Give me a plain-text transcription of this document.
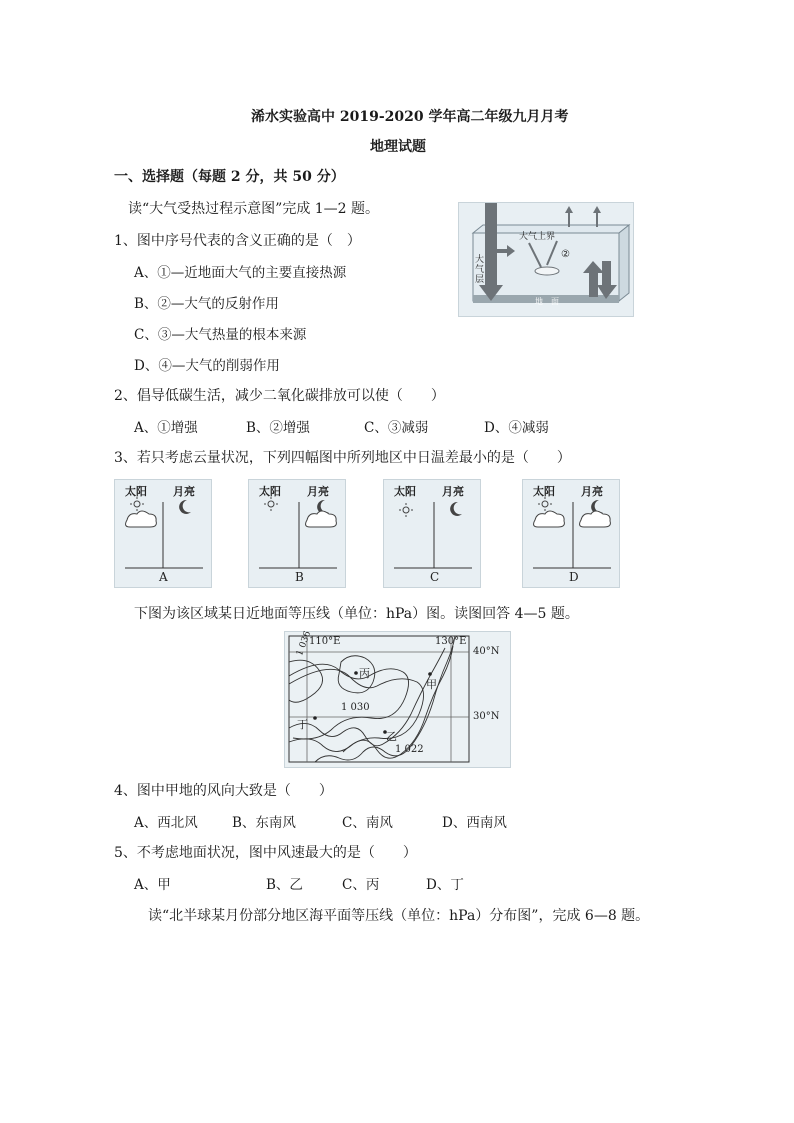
浠水实验高中 2019-2020 学年高二年级九月月考
地理试题
一、选择题（每题 2 分，共 50 分）
读“大气受热过程示意图”完成 1—2 题。
1、图中序号代表的含义正确的是（　）
A、①—近地面大气的主要直接热源
B、②—大气的反射作用
C、③—大气热量的根本来源
D、④—大气的削弱作用
大气上界
大气层
地　面
②
2、倡导低碳生活，减少二氧化碳排放可以使（　　）
A、①增强	B、②增强	C、③减弱	D、④减弱
3、若只考虑云量状况，下列四幅图中所列地区中日温差最小的是（　　）
太阳 月亮
A
太阳 月亮
B
太阳 月亮
C
太阳 月亮
D
下图为该区域某日近地面等压线（单位：hPa）图。读图回答 4—5 题。
110°E	130°E
40°N
30°N
1 036
1 030
1 022
丙
甲
丁
乙
4、图中甲地的风向大致是（　　）
A、西北风	B、东南风	C、南风	D、西南风
5、不考虑地面状况，图中风速最大的是（　　）
A、甲	B、乙	C、丙	D、丁
读“北半球某月份部分地区海平面等压线（单位：hPa）分布图”，完成 6—8 题。
